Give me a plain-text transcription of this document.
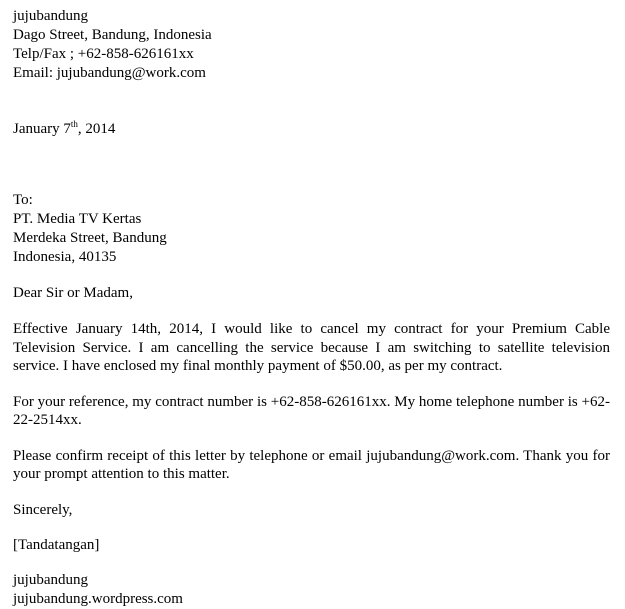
jujubandung
Dago Street, Bandung, Indonesia
Telp/Fax ; +62-858-626161xx
Email: jujubandung@work.com
January 7th, 2014
To:
PT. Media TV Kertas
Merdeka Street, Bandung
Indonesia, 40135
Dear Sir or Madam,

Effective January 14th, 2014, I would like to cancel my contract for your Premium Cable Television Service. I am cancelling the service because I am switching to satellite television service. I have enclosed my final monthly payment of $50.00, as per my contract.

For your reference, my contract number is +62-858-626161xx. My home telephone number is +62-22-2514xx.

Please confirm receipt of this letter by telephone or email jujubandung@work.com. Thank you for your prompt attention to this matter.

Sincerely,
[Tandatangan]
jujubandung
jujubandung.wordpress.com
